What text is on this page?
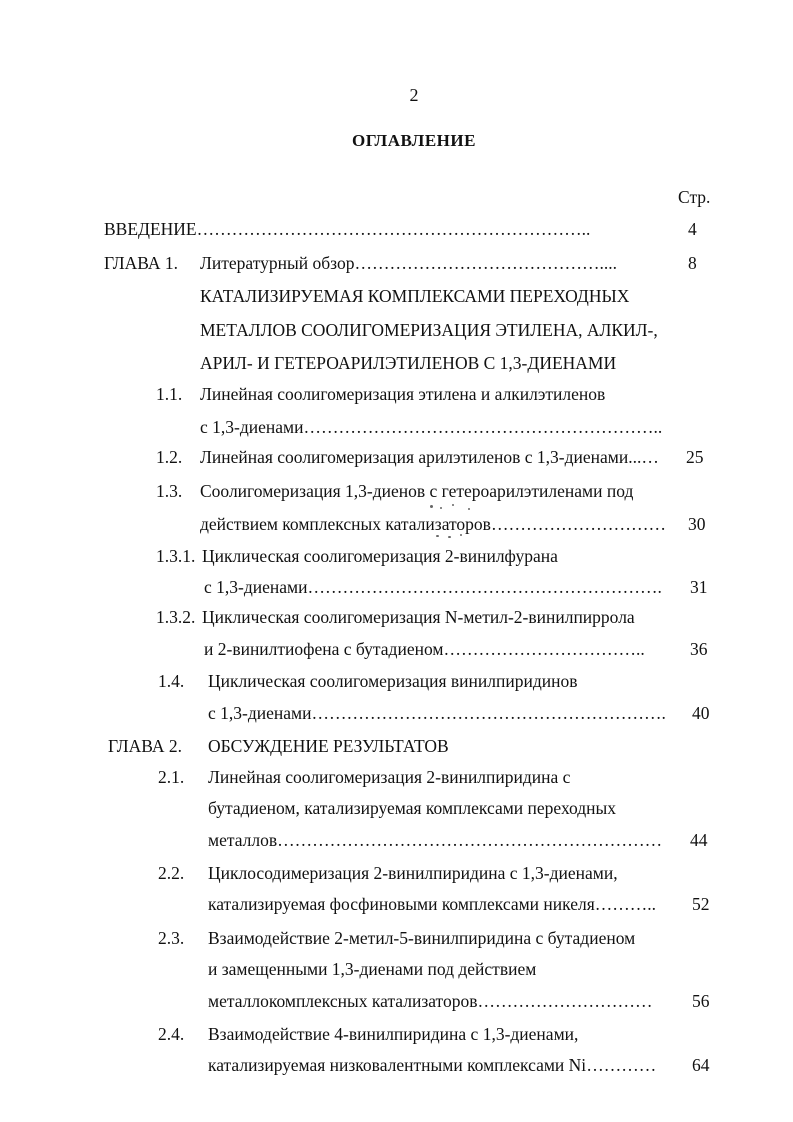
2
ОГЛАВЛЕНИЕ
Стр.
ВВЕДЕНИЕ…………………………………………………………..	4
ГЛАВА 1. Литературный обзор……………………………………....	8
КАТАЛИЗИРУЕМАЯ КОМПЛЕКСАМИ ПЕРЕХОДНЫХ
МЕТАЛЛОВ СООЛИГОМЕРИЗАЦИЯ ЭТИЛЕНА, АЛКИЛ-,
АРИЛ- И ГЕТЕРОАРИЛЭТИЛЕНОВ С 1,3-ДИЕНАМИ
1.1. Линейная соолигомеризация этилена и алкилэтиленов
с 1,3-диенами……………………………………………………..
1.2. Линейная соолигомеризация арилэтиленов с 1,3-диенами...… 25
1.3. Соолигомеризация 1,3-диенов с гетероарилэтиленами под
действием комплексных катализаторов………………………… 30
1.3.1. Циклическая соолигомеризация 2-винилфурана
с 1,3-диенами……………………………………………………. 31
1.3.2. Циклическая соолигомеризация N-метил-2-винилпиррола
и 2-винилтиофена с бутадиеном……………………………..	36
1.4. Циклическая соолигомеризация винилпиридинов
с 1,3-диенами……………………………………………………. 40
ГЛАВА 2. ОБСУЖДЕНИЕ РЕЗУЛЬТАТОВ
2.1. Линейная соолигомеризация 2-винилпиридина с
бутадиеном, катализируемая комплексами переходных
металлов………………………………………………………… 44
2.2. Циклосодимеризация 2-винилпиридина с 1,3-диенами,
катализируемая фосфиновыми комплексами никеля……….. 52
2.3. Взаимодействие 2-метил-5-винилпиридина с бутадиеном
и замещенными 1,3-диенами под действием
металлокомплексных катализаторов………………………… 56
2.4. Взаимодействие 4-винилпиридина с 1,3-диенами,
катализируемая низковалентными комплексами Ni………… 64
